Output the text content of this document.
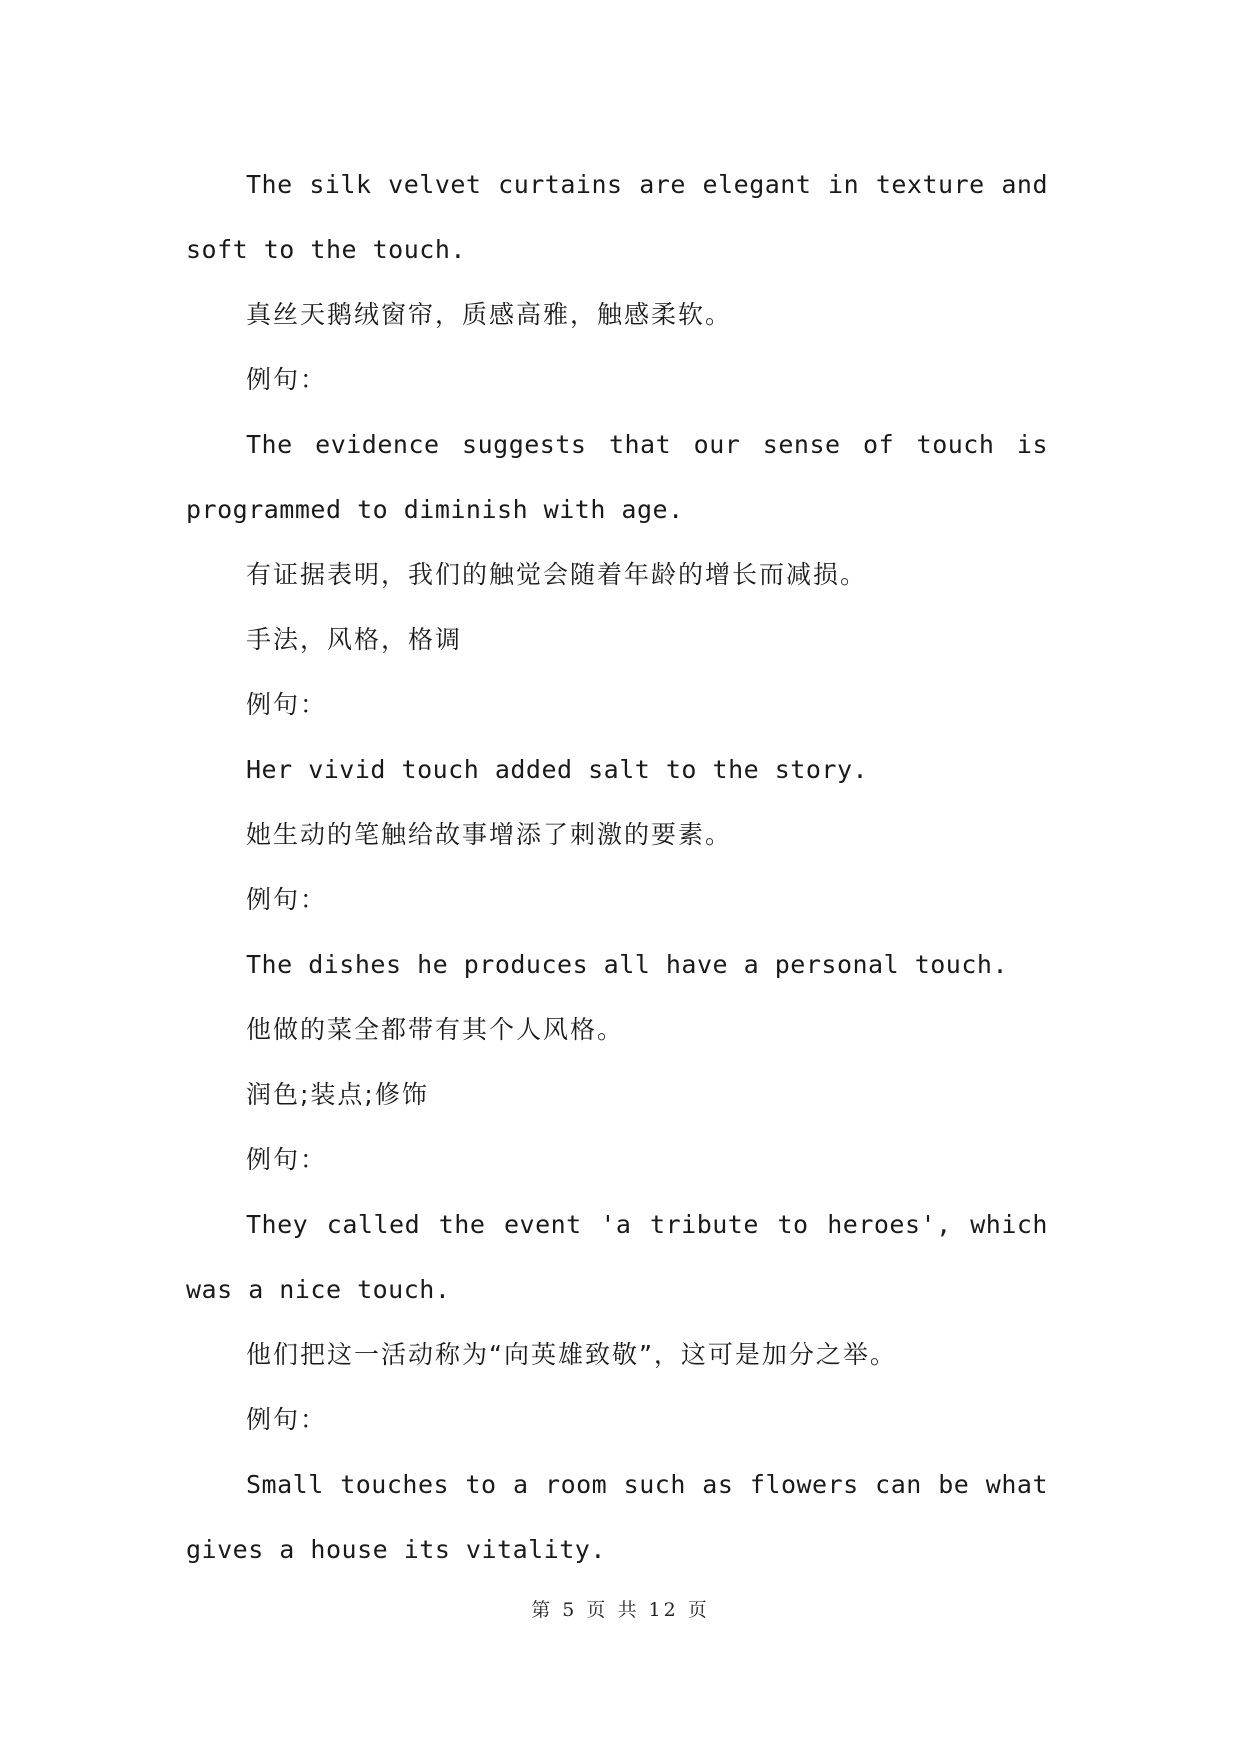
The silk velvet curtains are elegant in texture and soft to the touch.

真丝天鹅绒窗帘，质感高雅，触感柔软。

例句：

The evidence suggests that our sense of touch is programmed to diminish with age.

有证据表明，我们的触觉会随着年龄的增长而减损。

手法，风格，格调

例句：

Her vivid touch added salt to the story.

她生动的笔触给故事增添了刺激的要素。

例句：

The dishes he produces all have a personal touch.

他做的菜全都带有其个人风格。

润色;装点;修饰

例句：

They called the event 'a tribute to heroes', which was a nice touch.

他们把这一活动称为“向英雄致敬”，这可是加分之举。

例句：

Small touches to a room such as flowers can be what gives a house its vitality.

第 5 页 共 12 页
